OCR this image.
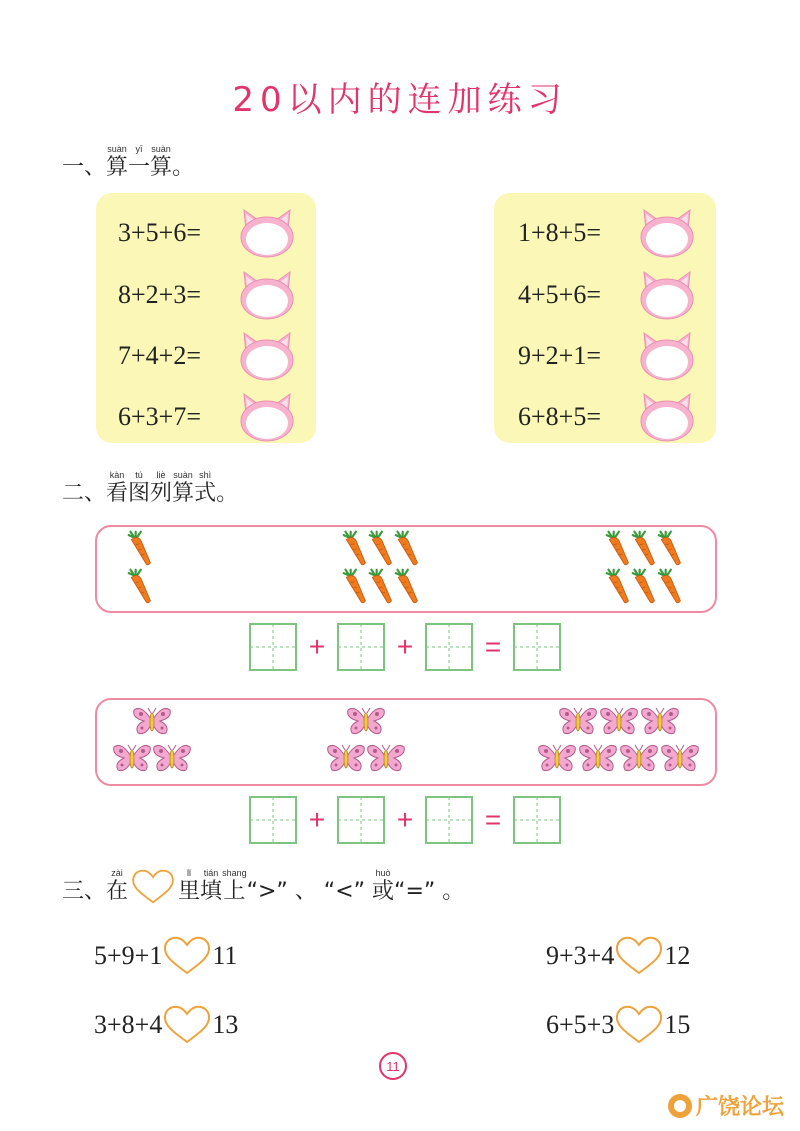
20以内的连加练习
一、
suàn
算
yī
一
suàn
算 。
3+5+6=
8+2+3=
7+4+2=
6+3+7=
1+8+5=
4+5+6=
9+2+1=
6+8+5=
二、
kàn
看
tú
图
liè
列
suàn
算
shì
式 。
+	+	=
+	+	=
三、
zài
在
lǐ
里
tián
填
shang
上 “>” 、 “<”
huò
或 “=” 。
5+9+1 11	9+3+4 12
3+8+4 13	6+5+3 15
11
广饶论坛
